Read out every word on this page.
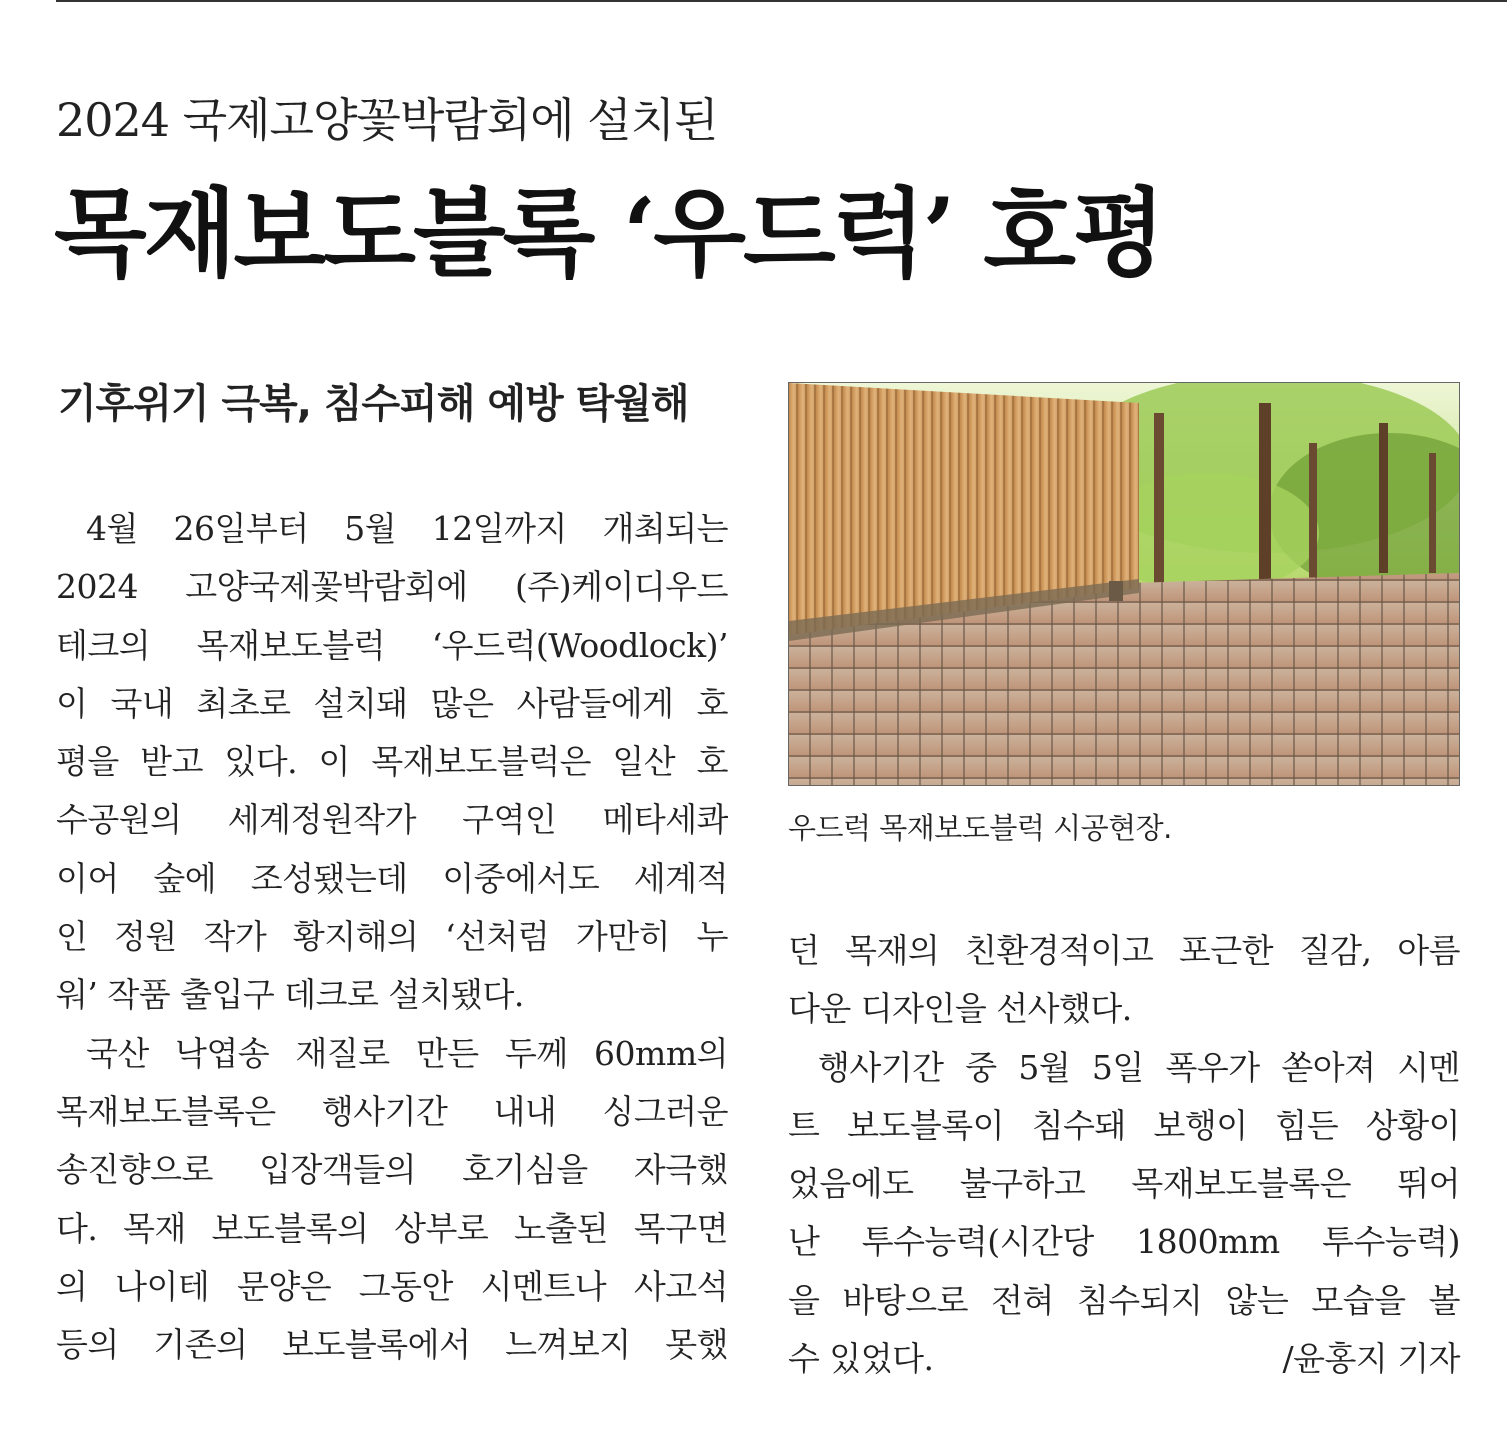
2024 국제고양꽃박람회에 설치된
목재보도블록 ‘우드럭’ 호평
기후위기 극복, 침수피해 예방 탁월해
4월 26일부터 5월 12일까지 개최되는
2024 고양국제꽃박람회에 (주)케이디우드
테크의 목재보도블럭 ‘우드럭(Woodlock)’
이 국내 최초로 설치돼 많은 사람들에게 호
평을 받고 있다. 이 목재보도블럭은 일산 호
수공원의 세계정원작가 구역인 메타세콰
이어 숲에 조성됐는데 이중에서도 세계적
인 정원 작가 황지해의 ‘선처럼 가만히 누
워’ 작품 출입구 데크로 설치됐다.
국산 낙엽송 재질로 만든 두께 60mm의
목재보도블록은 행사기간 내내 싱그러운
송진향으로 입장객들의 호기심을 자극했
다. 목재 보도블록의 상부로 노출된 목구면
의 나이테 문양은 그동안 시멘트나 사고석
등의 기존의 보도블록에서 느껴보지 못했
우드럭 목재보도블럭 시공현장.
던 목재의 친환경적이고 포근한 질감, 아름
다운 디자인을 선사했다.
행사기간 중 5월 5일 폭우가 쏟아져 시멘
트 보도블록이 침수돼 보행이 힘든 상황이
었음에도 불구하고 목재보도블록은 뛰어
난 투수능력(시간당 1800mm 투수능력)
을 바탕으로 전혀 침수되지 않는 모습을 볼
수 있었다.	/윤홍지 기자
